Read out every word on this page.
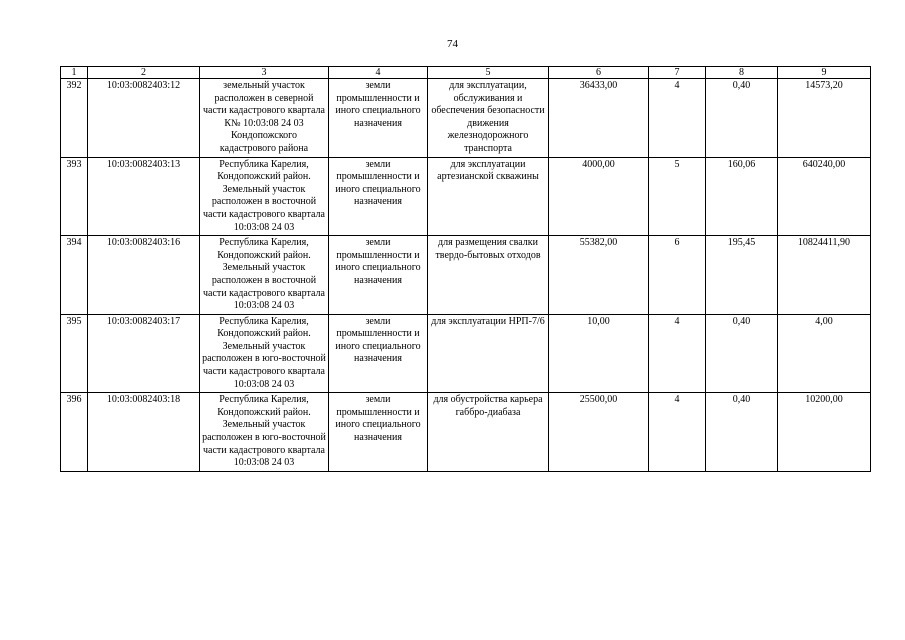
74
1	2	3	4	5	6	7	8	9
392	10:03:0082403:12	земельный участок расположен в северной части кадастрового квартала К№ 10:03:08 24 03 Кондопожского кадастрового района	земли промышленности и иного специального назначения	для эксплуатации, обслуживания и обеспечения безопасности движения железнодорожного транспорта	36433,00	4	0,40	14573,20
393	10:03:0082403:13	Республика Карелия, Кондопожский район. Земельный участок расположен в восточной части кадастрового квартала 10:03:08 24 03	земли промышленности и иного специального назначения	для эксплуатации артезианской скважины	4000,00	5	160,06	640240,00
394	10:03:0082403:16	Республика Карелия, Кондопожский район. Земельный участок расположен в восточной части кадастрового квартала 10:03:08 24 03	земли промышленности и иного специального назначения	для размещения свалки твердо-бытовых отходов	55382,00	6	195,45	10824411,90
395	10:03:0082403:17	Республика Карелия, Кондопожский район. Земельный участок расположен в юго-восточной части кадастрового квартала 10:03:08 24 03	земли промышленности и иного специального назначения	для эксплуатации НРП-7/6	10,00	4	0,40	4,00
396	10:03:0082403:18	Республика Карелия, Кондопожский район. Земельный участок расположен в юго-восточной части кадастрового квартала 10:03:08 24 03	земли промышленности и иного специального назначения	для обустройства карьера габбро-диабаза	25500,00	4	0,40	10200,00
